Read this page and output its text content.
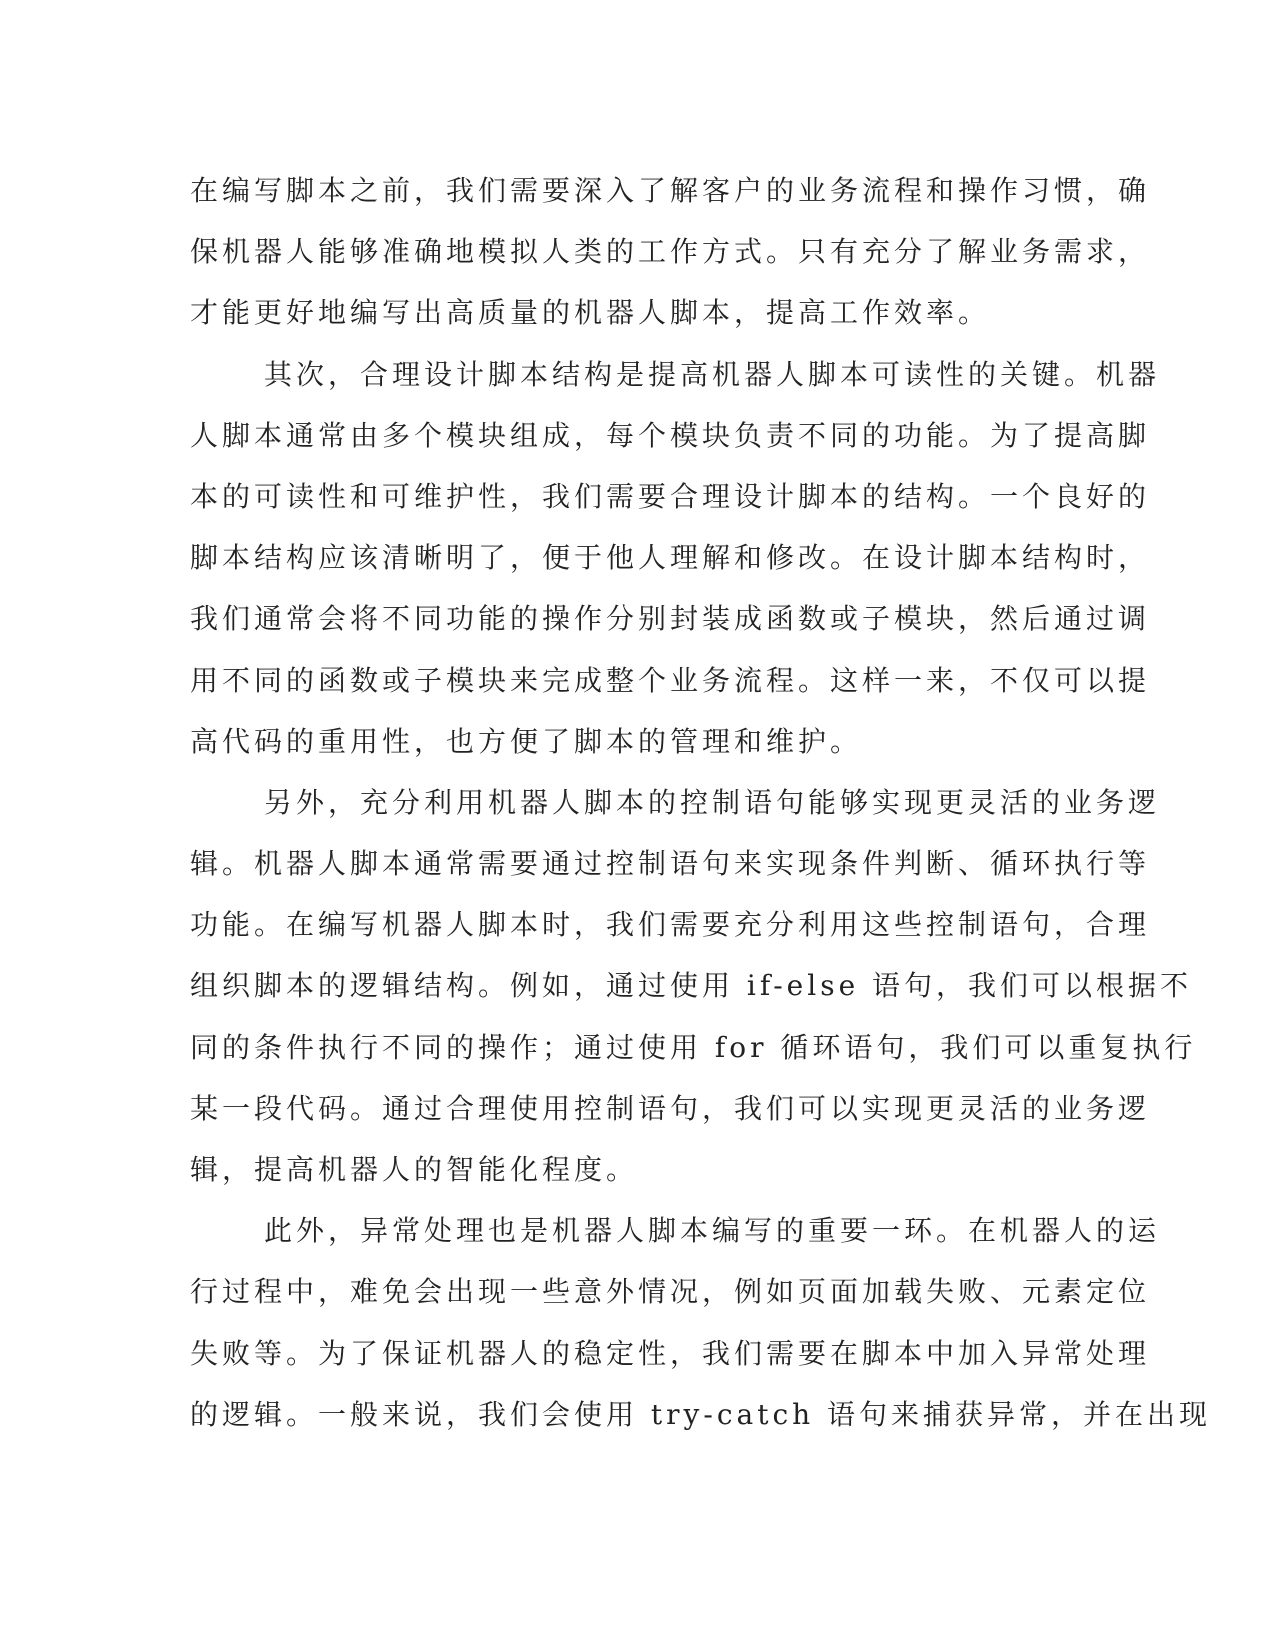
在编写脚本之前，我们需要深入了解客户的业务流程和操作习惯，确
保机器人能够准确地模拟人类的工作方式。只有充分了解业务需求，
才能更好地编写出高质量的机器人脚本，提高工作效率。
其次，合理设计脚本结构是提高机器人脚本可读性的关键。机器
人脚本通常由多个模块组成，每个模块负责不同的功能。为了提高脚
本的可读性和可维护性，我们需要合理设计脚本的结构。一个良好的
脚本结构应该清晰明了，便于他人理解和修改。在设计脚本结构时，
我们通常会将不同功能的操作分别封装成函数或子模块，然后通过调
用不同的函数或子模块来完成整个业务流程。这样一来，不仅可以提
高代码的重用性，也方便了脚本的管理和维护。
另外，充分利用机器人脚本的控制语句能够实现更灵活的业务逻
辑。机器人脚本通常需要通过控制语句来实现条件判断、循环执行等
功能。在编写机器人脚本时，我们需要充分利用这些控制语句，合理
组织脚本的逻辑结构。例如，通过使用 if-else 语句，我们可以根据不
同的条件执行不同的操作；通过使用 for 循环语句，我们可以重复执行
某一段代码。通过合理使用控制语句，我们可以实现更灵活的业务逻
辑，提高机器人的智能化程度。
此外，异常处理也是机器人脚本编写的重要一环。在机器人的运
行过程中，难免会出现一些意外情况，例如页面加载失败、元素定位
失败等。为了保证机器人的稳定性，我们需要在脚本中加入异常处理
的逻辑。一般来说，我们会使用 try-catch 语句来捕获异常，并在出现
